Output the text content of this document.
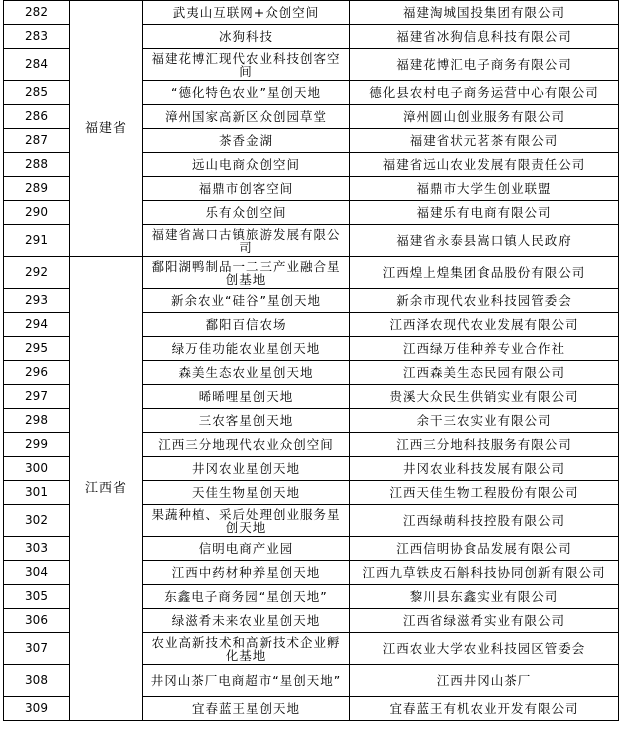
282	福建省	武夷山互联网+众创空间	福建淘城国投集团有限公司
283		冰狗科技	福建省冰狗信息科技有限公司
284		福建花博汇现代农业科技创客空间	福建花博汇电子商务有限公司
285		“德化特色农业”星创天地	德化县农村电子商务运营中心有限公司
286		漳州国家高新区众创园草堂	漳州圆山创业服务有限公司
287		茶香金湖	福建省状元茗茶有限公司
288		远山电商众创空间	福建省远山农业发展有限责任公司
289		福鼎市创客空间	福鼎市大学生创业联盟
290		乐有众创空间	福建乐有电商有限公司
291		福建省嵩口古镇旅游发展有限公司	福建省永泰县嵩口镇人民政府
292	江西省	鄱阳湖鸭制品一二三产业融合星创基地	江西煌上煌集团食品股份有限公司
293		新余农业“硅谷”星创天地	新余市现代农业科技园管委会
294		鄱阳百信农场	江西泽农现代农业发展有限公司
295		绿万佳功能农业星创天地	江西绿万佳种养专业合作社
296		森美生态农业星创天地	江西森美生态民园有限公司
297		晞晞哩星创天地	贵溪大众民生供销实业有限公司
298		三农客星创天地	余干三农实业有限公司
299		江西三分地现代农业众创空间	江西三分地科技服务有限公司
300		井冈农业星创天地	井冈农业科技发展有限公司
301		天佳生物星创天地	江西天佳生物工程股份有限公司
302		果蔬种植、采后处理创业服务星创天地	江西绿萌科技控股有限公司
303		信明电商产业园	江西信明协食品发展有限公司
304		江西中药材种养星创天地	江西九草铁皮石斛科技协同创新有限公司
305		东鑫电子商务园“星创天地”	黎川县东鑫实业有限公司
306		绿滋肴未来农业星创天地	江西省绿滋肴实业有限公司
307		农业高新技术和高新技术企业孵化基地	江西农业大学农业科技园区管委会
308		井冈山茶厂电商超市“星创天地”	江西井冈山茶厂
309		宜春蓝王星创天地	宜春蓝王有机农业开发有限公司
